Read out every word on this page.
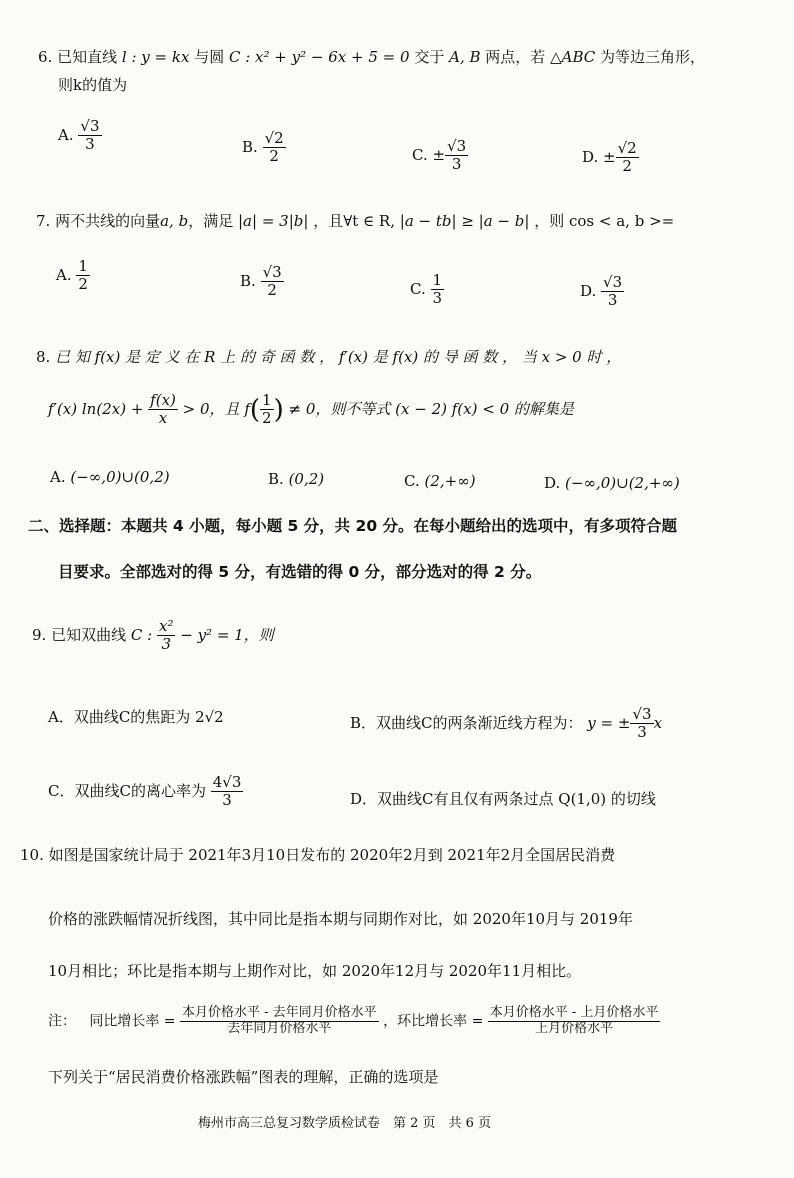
6. 已知直线 l : y = kx 与圆 C : x² + y² − 6x + 5 = 0 交于 A, B 两点，若 △ABC 为等边三角形，
则k的值为
A. $\frac{√3}{3}$	B. $\frac{√2}{2}$	C. ± $\frac{√3}{3}$	D. ± $\frac{√2}{2}$
7. 两不共线的向量a, b，满足 |a| = 3|b| ，且∀t ∈ R, |a − tb| ≥ |a − b| ，则 cos < a, b >=
A. $\frac{1}{2}$	B. $\frac{√3}{2}$	C. $\frac{1}{3}$	D. $\frac{√3}{3}$
8. 已 知 f(x) 是 定 义 在 R 上 的 奇 函 数 ， f′(x) 是 f(x) 的 导 函 数 ， 当 x > 0 时 ，
f′(x) $\ln(2x) + \frac{f(x)}{x} > 0$，且 $f( \frac{1}{2}$ ) ≠ 0，则不等式 (x − 2) f(x) < 0 的解集是
A. (−∞,0)∪(0,2)	B. (0,2)	C. (2,+∞)	D. (−∞,0)∪(2,+∞)
二、选择题：本题共 4 小题，每小题 5 分，共 20 分。在每小题给出的选项中，有多项符合题
目要求。全部选对的得 5 分，有选错的得 0 分，部分选对的得 2 分。
9. 已知双曲线 C : $\frac{\text{x²}}{3} - y^2 = 1$，则
A．双曲线C的焦距为 2√2	B．双曲线C的两条渐近线方程为： y = ± $\frac{√3}{3}$ x
C．双曲线C的离心率为 $\frac{4√3}{3}$	D．双曲线C有且仅有两条过点 Q(1,0) 的切线
10. 如图是国家统计局于 2021年3月10日发布的 2020年2月到 2021年2月全国居民消费
价格的涨跌幅情况折线图，其中同比是指本期与同期作对比，如 2020年10月与 2019年
10月相比；环比是指本期与上期作对比，如 2020年12月与 2020年11月相比。
注： 同比增长率 = $\frac{\text{本月价格水平 - 去年同月价格水平}}{\text{去年同月价格水平}}$ ，环比增长率 = $\frac{\text{本月价格水平 - 上月价格水平}}{\text{上月价格水平}}$
下列关于“居民消费价格涨跌幅”图表的理解，正确的选项是
梅州市高三总复习数学质检试卷　第 2 页　共 6 页
